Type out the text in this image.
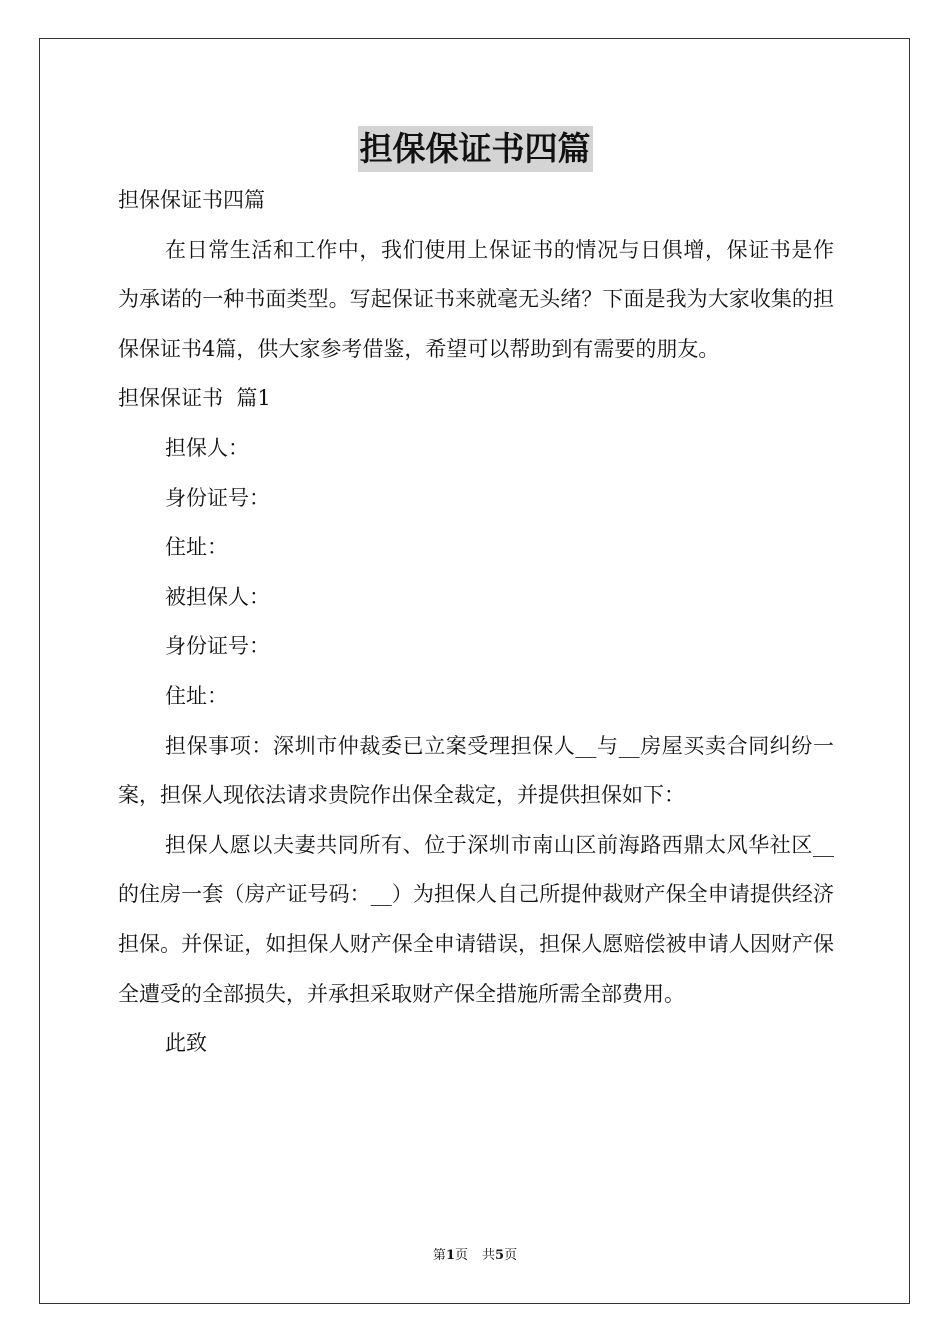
担保保证书四篇

担保保证书四篇

在日常生活和工作中，我们使用上保证书的情况与日俱增，保证书是作为承诺的一种书面类型。写起保证书来就毫无头绪？下面是我为大家收集的担保保证书4篇，供大家参考借鉴，希望可以帮助到有需要的朋友。

担保保证书  篇1

担保人：

身份证号：

住址：

被担保人：

身份证号：

住址：

担保事项：深圳市仲裁委已立案受理担保人__与__房屋买卖合同纠纷一案，担保人现依法请求贵院作出保全裁定，并提供担保如下：

担保人愿以夫妻共同所有、位于深圳市南山区前海路西鼎太风华社区__的住房一套（房产证号码：__）为担保人自己所提仲裁财产保全申请提供经济担保。并保证，如担保人财产保全申请错误，担保人愿赔偿被申请人因财产保全遭受的全部损失，并承担采取财产保全措施所需全部费用。

此致

第1页 共5页
